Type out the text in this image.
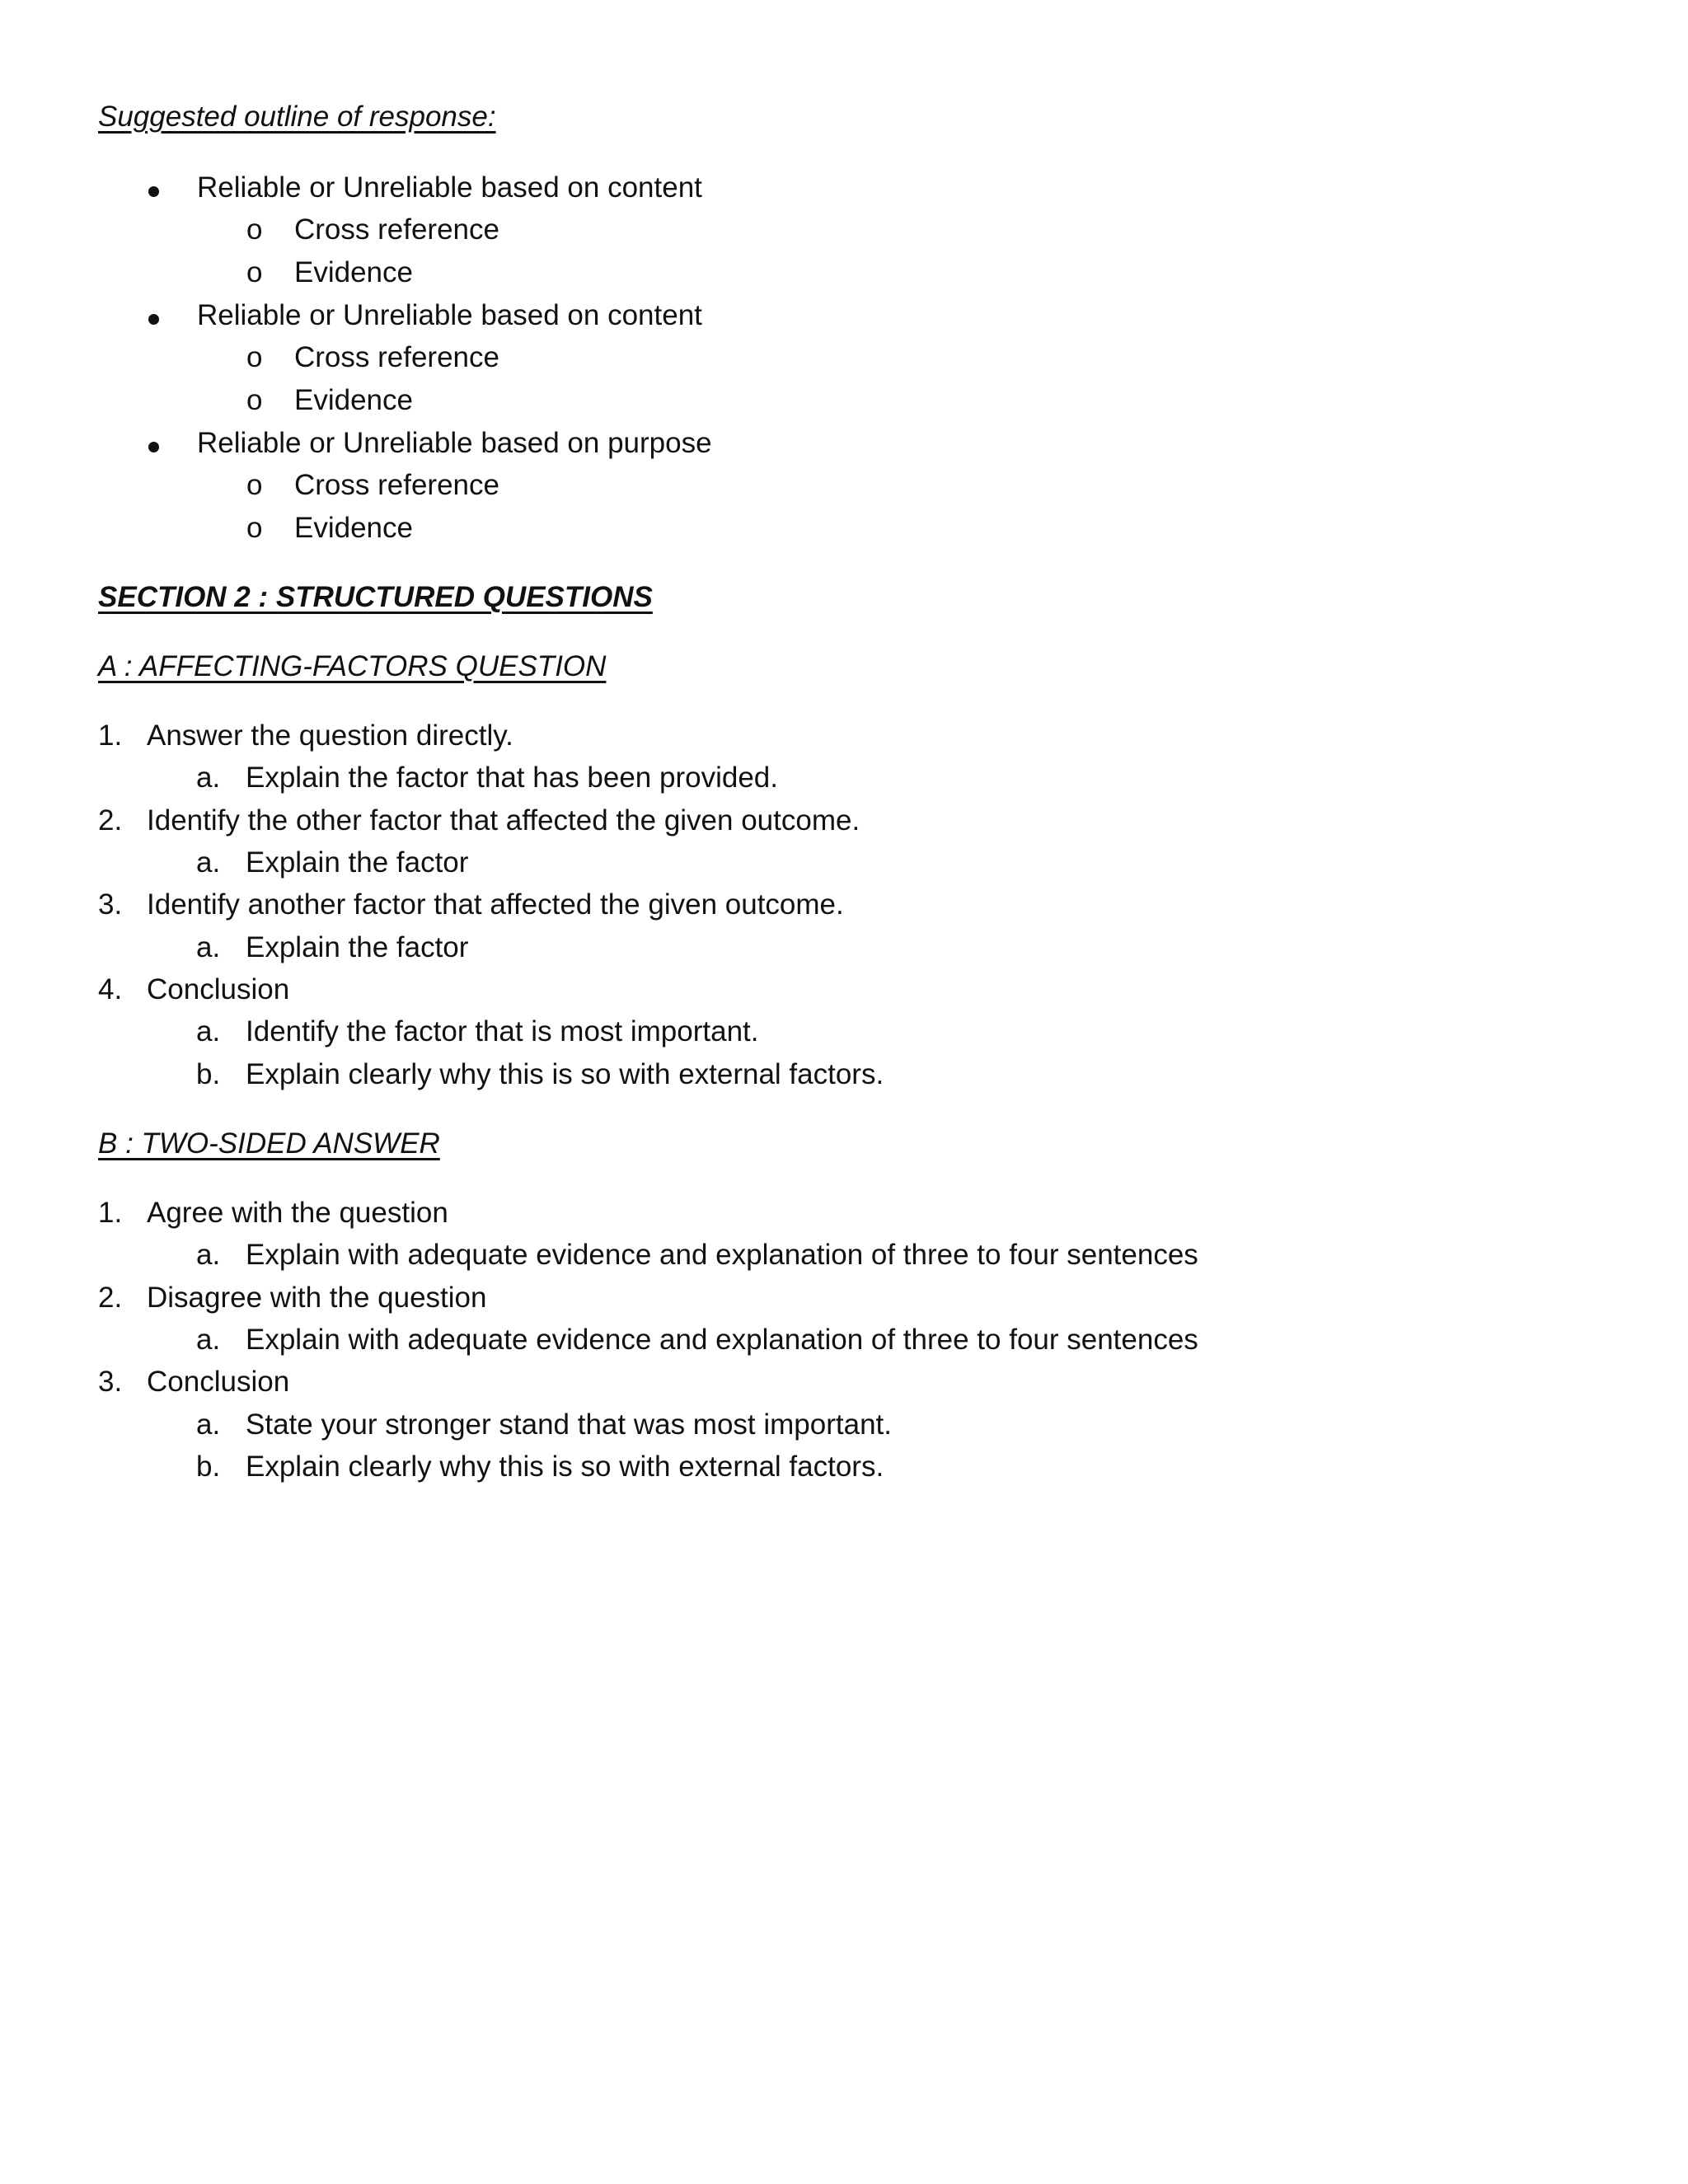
Suggested outline of response:
Reliable or Unreliable based on content
o Cross reference
o Evidence
Reliable or Unreliable based on content
o Cross reference
o Evidence
Reliable or Unreliable based on purpose
o Cross reference
o Evidence
SECTION 2 : STRUCTURED QUESTIONS
A : AFFECTING-FACTORS QUESTION
1. Answer the question directly.
a. Explain the factor that has been provided.
2. Identify the other factor that affected the given outcome.
a. Explain the factor
3. Identify another factor that affected the given outcome.
a. Explain the factor
4. Conclusion
a. Identify the factor that is most important.
b. Explain clearly why this is so with external factors.
B : TWO-SIDED ANSWER
1. Agree with the question
a. Explain with adequate evidence and explanation of three to four sentences
2. Disagree with the question
a. Explain with adequate evidence and explanation of three to four sentences
3. Conclusion
a. State your stronger stand that was most important.
b. Explain clearly why this is so with external factors.
